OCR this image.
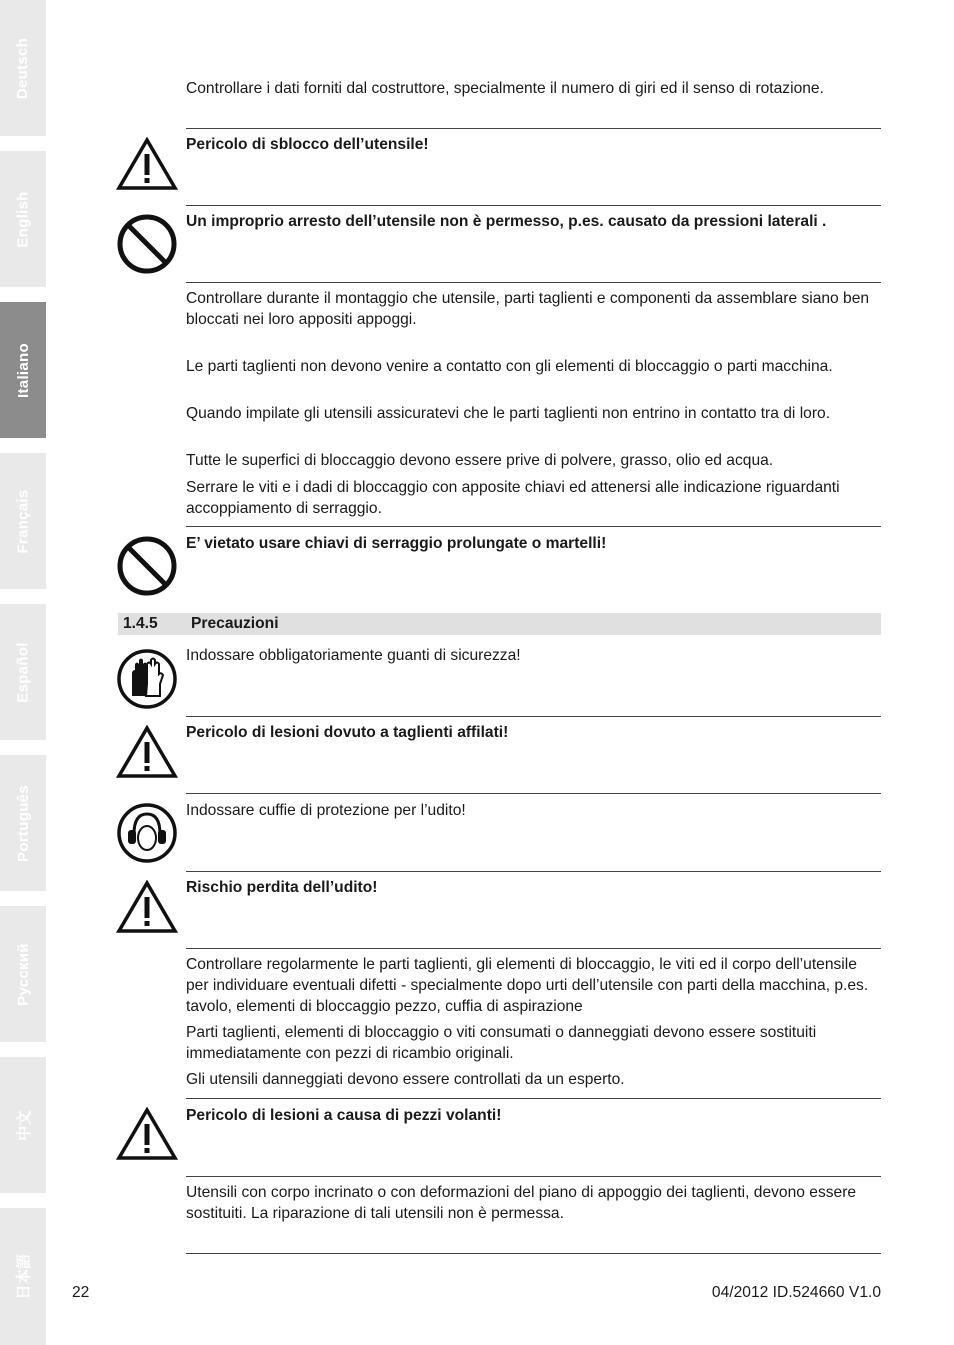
Deutsch
English
Italiano
Français
Español
Português
Русский
中文
日本語
Controllare i dati forniti dal costruttore, specialmente il numero di giri ed il senso di rotazione.
Pericolo di sblocco dell’utensile!
Un improprio arresto dell’utensile non è permesso, p.es. causato da pressioni laterali .
Controllare durante il montaggio che utensile, parti taglienti e componenti da assemblare siano ben bloccati nei loro appositi appoggi.
Le parti taglienti non devono venire a contatto con gli elementi di bloccaggio o parti macchina.
Quando impilate gli utensili assicuratevi che le parti taglienti non entrino in contatto tra di loro.
Tutte le superfici di bloccaggio devono essere prive di polvere, grasso, olio ed acqua.
Serrare le viti e i dadi di bloccaggio con apposite chiavi ed attenersi alle indicazione riguardanti accoppiamento di serraggio.
E’ vietato usare chiavi di serraggio prolungate o martelli!
1.4.5 Precauzioni
Indossare obbligatoriamente guanti di sicurezza!
Pericolo di lesioni dovuto a taglienti affilati!
Indossare cuffie di protezione per l’udito!
Rischio perdita dell’udito!
Controllare regolarmente le parti taglienti, gli elementi di bloccaggio, le viti ed il corpo dell’utensile per individuare eventuali difetti - specialmente dopo urti dell’utensile con parti della macchina, p.es. tavolo, elementi di bloccaggio pezzo, cuffia di aspirazione
Parti taglienti, elementi di bloccaggio o viti consumati o danneggiati devono essere sostituiti immediatamente con pezzi di ricambio originali.
Gli utensili danneggiati devono essere controllati da un esperto.
Pericolo di lesioni a causa di pezzi volanti!
Utensili con corpo incrinato o con deformazioni del piano di appoggio dei taglienti, devono essere sostituiti. La riparazione di tali utensili non è permessa.
22	04/2012 ID.524660 V1.0
